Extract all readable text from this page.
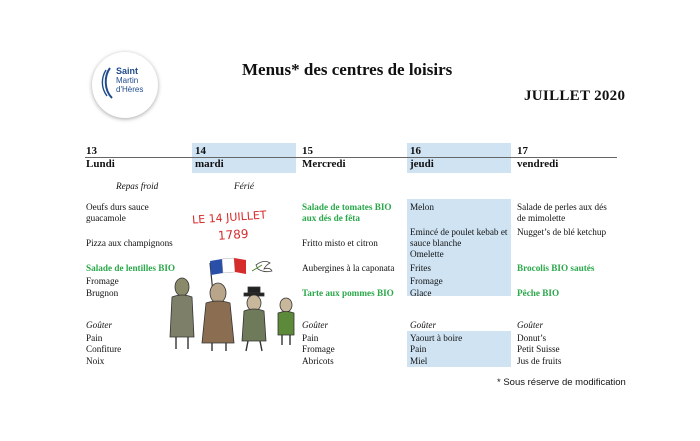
Saint
Martin
d'Hères
Menus* des centres de loisirs
JUILLET 2020
13
Lundi
14
mardi
15
Mercredi
16
jeudi
17
vendredi
Repas froid	Férié
Oeufs durs sauce
guacamole
Pizza aux champignons
Salade de lentilles BIO
Fromage
Brugnon
Goûter
Pain
Confiture
Noix
Salade de tomates BIO
aux dés de fêta
Fritto misto et citron
Aubergines à la caponata
Tarte aux pommes BIO
Goûter
Pain
Fromage
Abricots
Melon
Emincé de poulet kebab et
sauce blanche
Omelette
Frites
Fromage
Glace
Goûter
Yaourt à boire
Pain
Miel
Salade de perles aux dés
de mimolette
Nugget’s de blé ketchup
Brocolis BIO sautés
Pêche BIO
Goûter
Donut’s
Petit Suisse
Jus de fruits
LE 14 JUILLET
1789
* Sous réserve de modification
